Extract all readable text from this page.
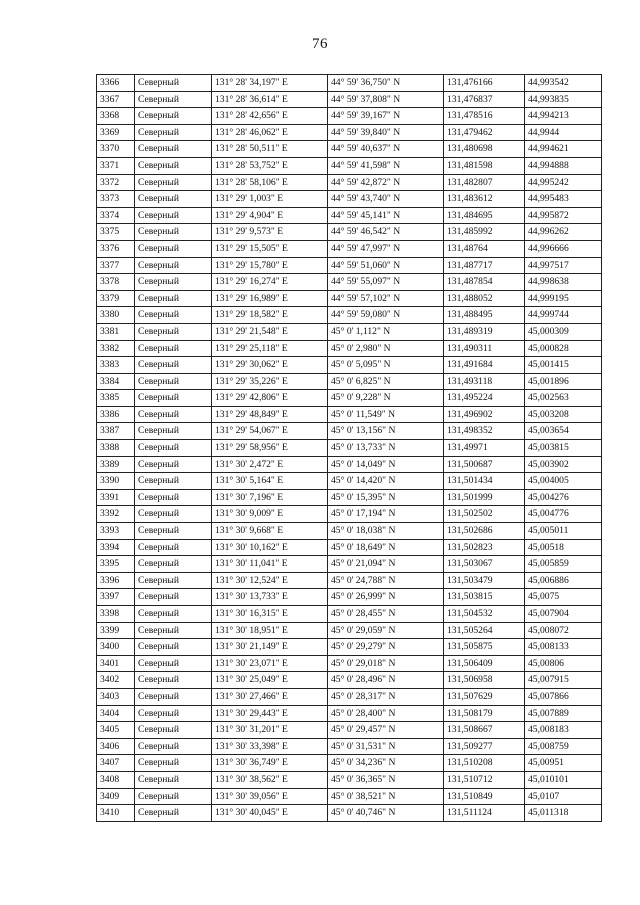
76
3366	Северный	131° 28' 34,197" E	44° 59' 36,750" N	131,476166	44,993542
3367	Северный	131° 28' 36,614" E	44° 59' 37,808" N	131,476837	44,993835
3368	Северный	131° 28' 42,656" E	44° 59' 39,167" N	131,478516	44,994213
3369	Северный	131° 28' 46,062" E	44° 59' 39,840" N	131,479462	44,9944
3370	Северный	131° 28' 50,511" E	44° 59' 40,637" N	131,480698	44,994621
3371	Северный	131° 28' 53,752" E	44° 59' 41,598" N	131,481598	44,994888
3372	Северный	131° 28' 58,106" E	44° 59' 42,872" N	131,482807	44,995242
3373	Северный	131° 29' 1,003" E	44° 59' 43,740" N	131,483612	44,995483
3374	Северный	131° 29' 4,904" E	44° 59' 45,141" N	131,484695	44,995872
3375	Северный	131° 29' 9,573" E	44° 59' 46,542" N	131,485992	44,996262
3376	Северный	131° 29' 15,505" E	44° 59' 47,997" N	131,48764	44,996666
3377	Северный	131° 29' 15,780" E	44° 59' 51,060" N	131,487717	44,997517
3378	Северный	131° 29' 16,274" E	44° 59' 55,097" N	131,487854	44,998638
3379	Северный	131° 29' 16,989" E	44° 59' 57,102" N	131,488052	44,999195
3380	Северный	131° 29' 18,582" E	44° 59' 59,080" N	131,488495	44,999744
3381	Северный	131° 29' 21,548" E	45° 0' 1,112" N	131,489319	45,000309
3382	Северный	131° 29' 25,118" E	45° 0' 2,980" N	131,490311	45,000828
3383	Северный	131° 29' 30,062" E	45° 0' 5,095" N	131,491684	45,001415
3384	Северный	131° 29' 35,226" E	45° 0' 6,825" N	131,493118	45,001896
3385	Северный	131° 29' 42,806" E	45° 0' 9,228" N	131,495224	45,002563
3386	Северный	131° 29' 48,849" E	45° 0' 11,549" N	131,496902	45,003208
3387	Северный	131° 29' 54,067" E	45° 0' 13,156" N	131,498352	45,003654
3388	Северный	131° 29' 58,956" E	45° 0' 13,733" N	131,49971	45,003815
3389	Северный	131° 30' 2,472" E	45° 0' 14,049" N	131,500687	45,003902
3390	Северный	131° 30' 5,164" E	45° 0' 14,420" N	131,501434	45,004005
3391	Северный	131° 30' 7,196" E	45° 0' 15,395" N	131,501999	45,004276
3392	Северный	131° 30' 9,009" E	45° 0' 17,194" N	131,502502	45,004776
3393	Северный	131° 30' 9,668" E	45° 0' 18,038" N	131,502686	45,005011
3394	Северный	131° 30' 10,162" E	45° 0' 18,649" N	131,502823	45,00518
3395	Северный	131° 30' 11,041" E	45° 0' 21,094" N	131,503067	45,005859
3396	Северный	131° 30' 12,524" E	45° 0' 24,788" N	131,503479	45,006886
3397	Северный	131° 30' 13,733" E	45° 0' 26,999" N	131,503815	45,0075
3398	Северный	131° 30' 16,315" E	45° 0' 28,455" N	131,504532	45,007904
3399	Северный	131° 30' 18,951" E	45° 0' 29,059" N	131,505264	45,008072
3400	Северный	131° 30' 21,149" E	45° 0' 29,279" N	131,505875	45,008133
3401	Северный	131° 30' 23,071" E	45° 0' 29,018" N	131,506409	45,00806
3402	Северный	131° 30' 25,049" E	45° 0' 28,496" N	131,506958	45,007915
3403	Северный	131° 30' 27,466" E	45° 0' 28,317" N	131,507629	45,007866
3404	Северный	131° 30' 29,443" E	45° 0' 28,400" N	131,508179	45,007889
3405	Северный	131° 30' 31,201" E	45° 0' 29,457" N	131,508667	45,008183
3406	Северный	131° 30' 33,398" E	45° 0' 31,531" N	131,509277	45,008759
3407	Северный	131° 30' 36,749" E	45° 0' 34,236" N	131,510208	45,00951
3408	Северный	131° 30' 38,562" E	45° 0' 36,365" N	131,510712	45,010101
3409	Северный	131° 30' 39,056" E	45° 0' 38,521" N	131,510849	45,0107
3410	Северный	131° 30' 40,045" E	45° 0' 40,746" N	131,511124	45,011318
